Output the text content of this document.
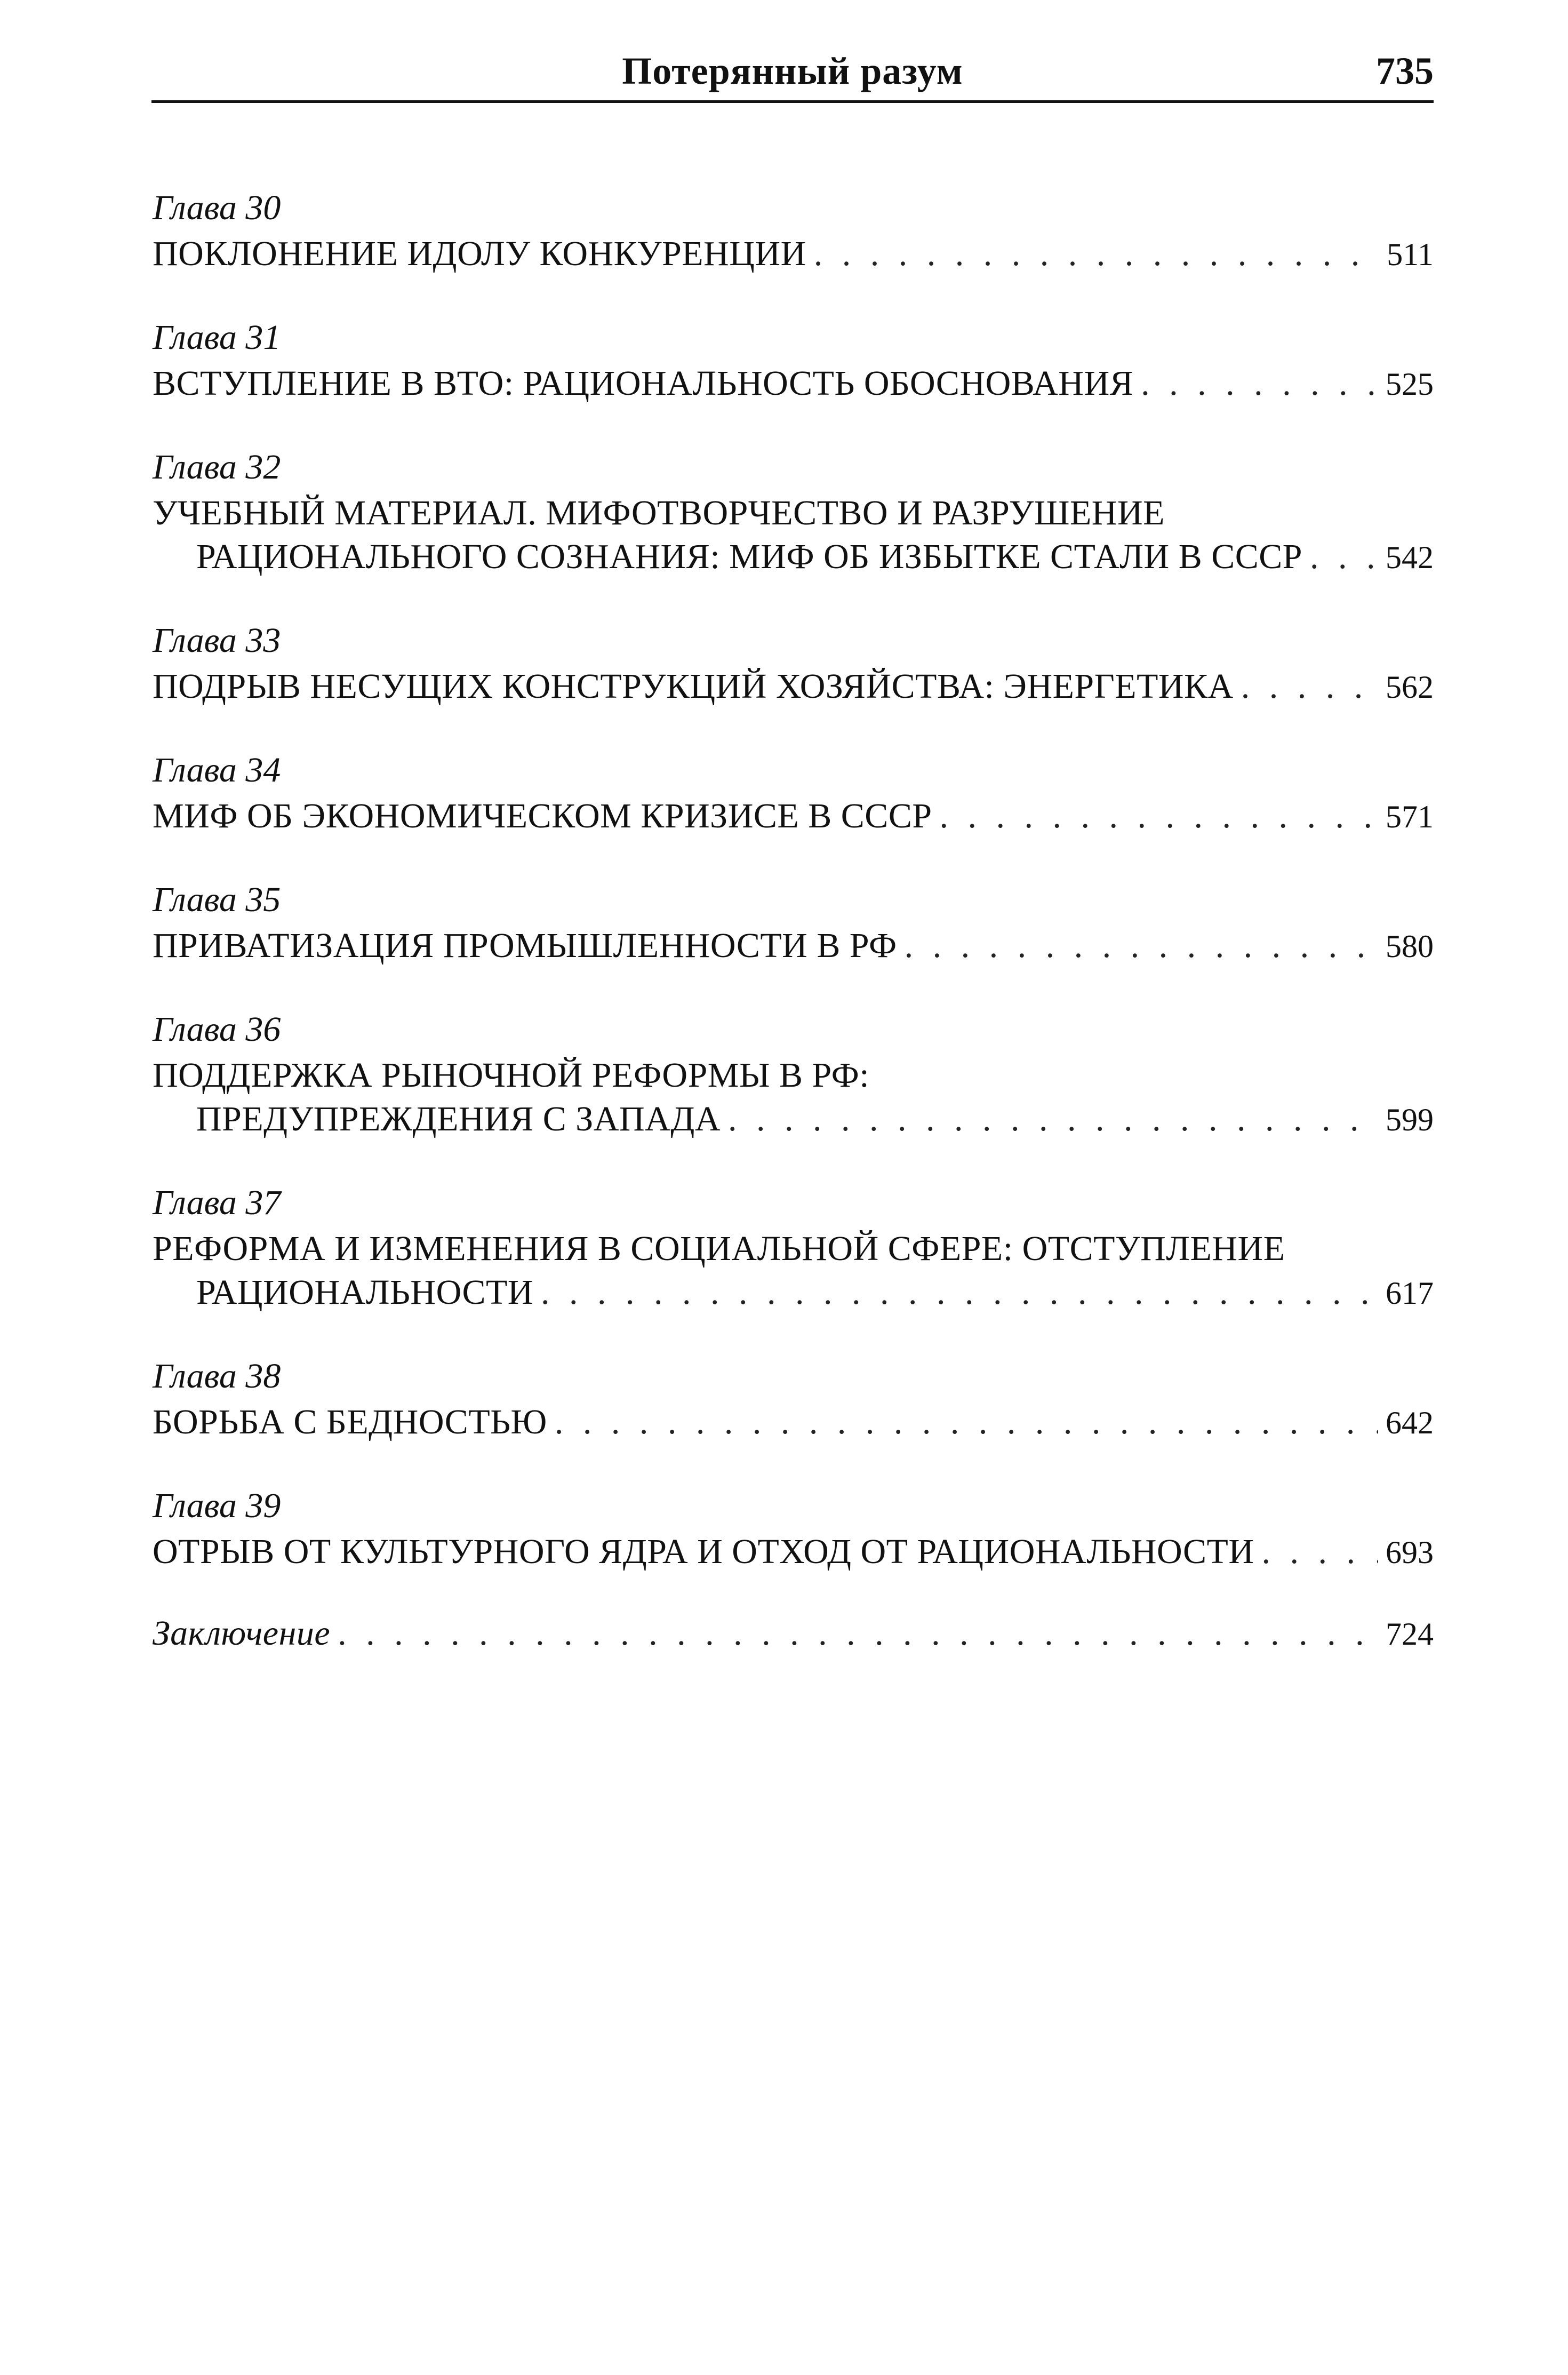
Потерянный разум	735
Глава 30
ПОКЛОНЕНИЕ ИДОЛУ КОНКУРЕНЦИИ . . .	511
Глава 31
ВСТУПЛЕНИЕ В ВТО: РАЦИОНАЛЬНОСТЬ ОБОСНОВАНИЯ . . .	525
Глава 32
УЧЕБНЫЙ МАТЕРИАЛ. МИФОТВОРЧЕСТВО И РАЗРУШЕНИЕ
РАЦИОНАЛЬНОГО СОЗНАНИЯ: МИФ ОБ ИЗБЫТКЕ СТАЛИ В СССР . . .	542
Глава 33
ПОДРЫВ НЕСУЩИХ КОНСТРУКЦИЙ ХОЗЯЙСТВА: ЭНЕРГЕТИКА . . .	562
Глава 34
МИФ ОБ ЭКОНОМИЧЕСКОМ КРИЗИСЕ В СССР . . .	571
Глава 35
ПРИВАТИЗАЦИЯ ПРОМЫШЛЕННОСТИ В РФ . . .	580
Глава 36
ПОДДЕРЖКА РЫНОЧНОЙ РЕФОРМЫ В РФ:
ПРЕДУПРЕЖДЕНИЯ С ЗАПАДА . . .	599
Глава 37
РЕФОРМА И ИЗМЕНЕНИЯ В СОЦИАЛЬНОЙ СФЕРЕ: ОТСТУПЛЕНИЕ
РАЦИОНАЛЬНОСТИ . . .	617
Глава 38
БОРЬБА С БЕДНОСТЬЮ . . .	642
Глава 39
ОТРЫВ ОТ КУЛЬТУРНОГО ЯДРА И ОТХОД ОТ РАЦИОНАЛЬНОСТИ . . .	693
Заключение . . .	724
